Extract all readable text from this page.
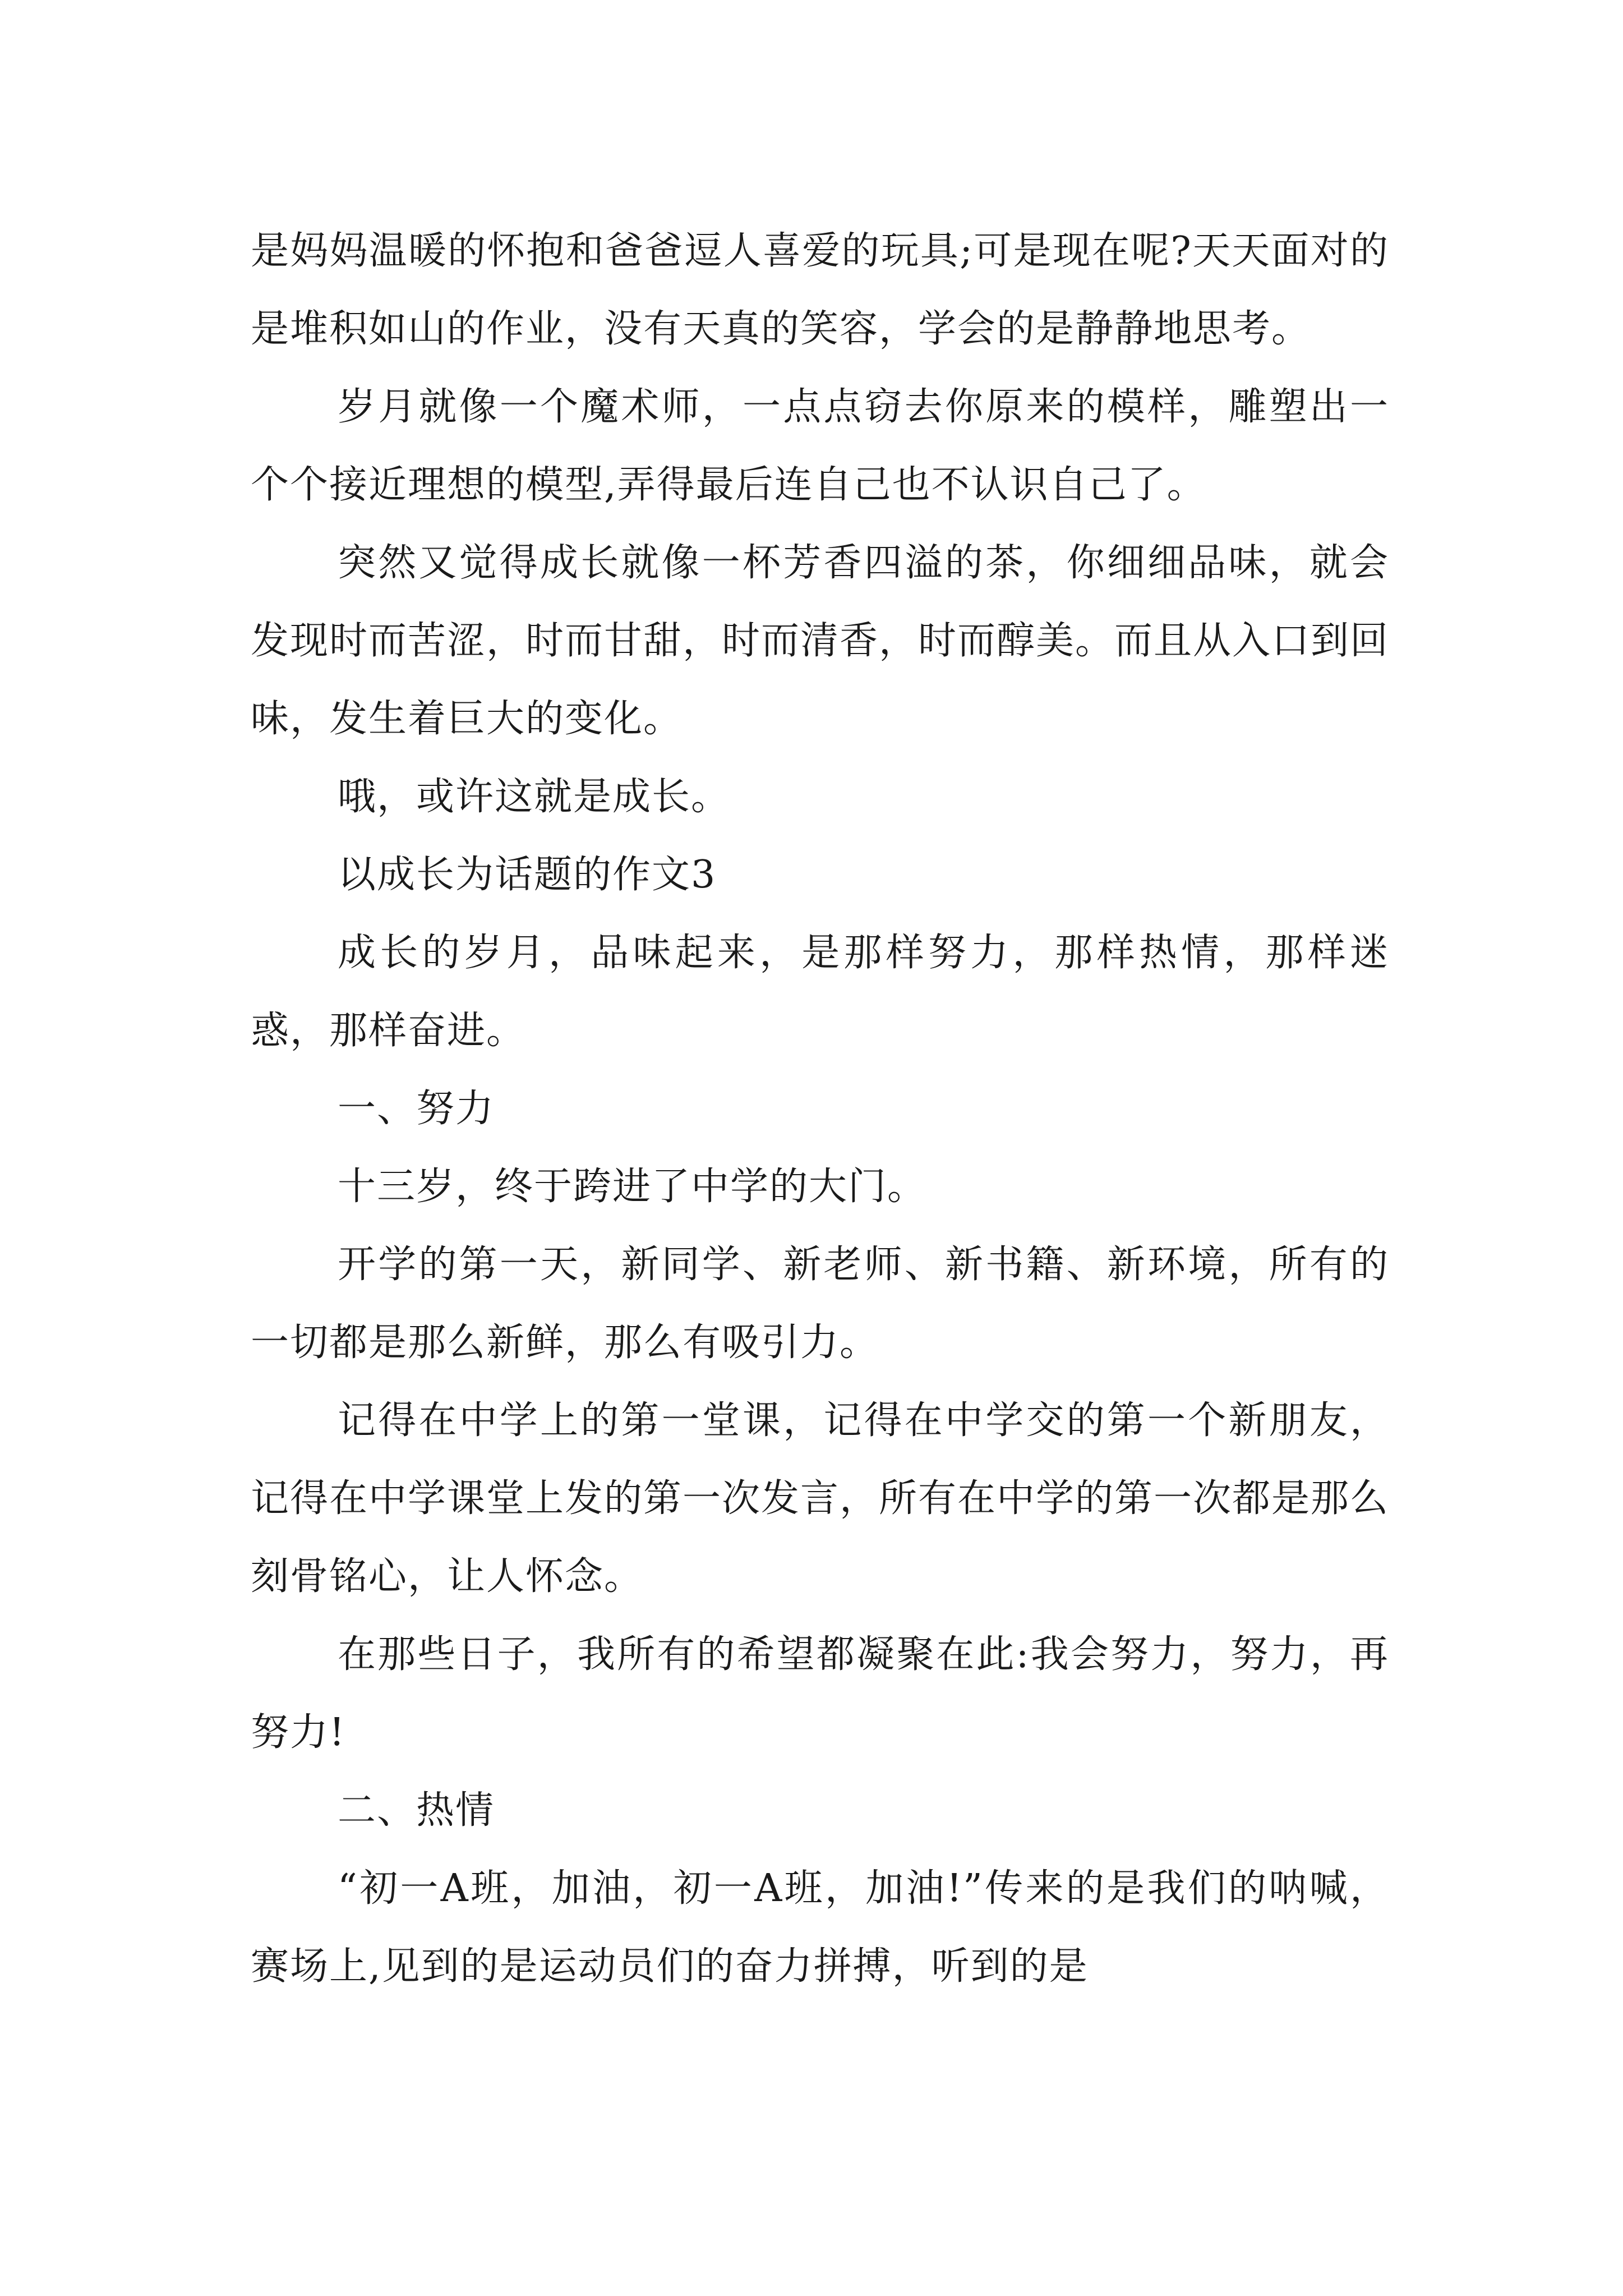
是妈妈温暖的怀抱和爸爸逗人喜爱的玩具;可是现在呢?天天面对的是堆积如山的作业，没有天真的笑容，学会的是静静地思考。

岁月就像一个魔术师，一点点窃去你原来的模样，雕塑出一个个接近理想的模型,弄得最后连自己也不认识自己了。

突然又觉得成长就像一杯芳香四溢的茶，你细细品味，就会发现时而苦涩，时而甘甜，时而清香，时而醇美。而且从入口到回味，发生着巨大的变化。

哦，或许这就是成长。

以成长为话题的作文3

成长的岁月，品味起来，是那样努力，那样热情，那样迷惑，那样奋进。

一、努力

十三岁，终于跨进了中学的大门。

开学的第一天，新同学、新老师、新书籍、新环境，所有的一切都是那么新鲜，那么有吸引力。

记得在中学上的第一堂课，记得在中学交的第一个新朋友，记得在中学课堂上发的第一次发言，所有在中学的第一次都是那么刻骨铭心，让人怀念。

在那些日子，我所有的希望都凝聚在此:我会努力，努力，再努力!

二、热情

“初一A班，加油，初一A班，加油!”传来的是我们的呐喊，赛场上,见到的是运动员们的奋力拼搏，听到的是
